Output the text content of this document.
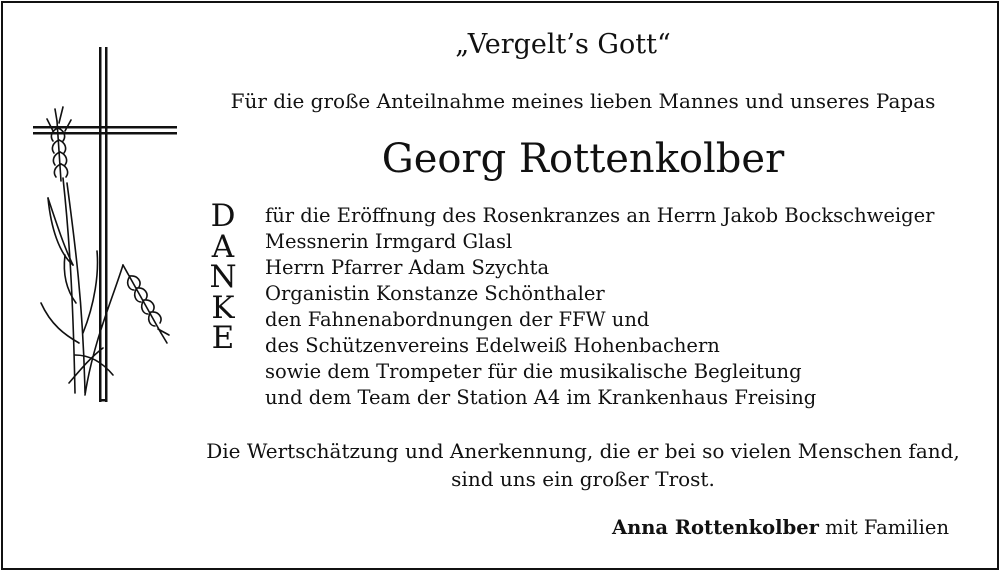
„Vergelt’s Gott“
Für die große Anteilnahme meines lieben Mannes und unseres Papas
Georg Rottenkolber
D
A
N
K
E
für die Eröffnung des Rosenkranzes an Herrn Jakob Bockschweiger
Messnerin Irmgard Glasl
Herrn Pfarrer Adam Szychta
Organistin Konstanze Schönthaler
den Fahnenabordnungen der FFW und
des Schützenvereins Edelweiß Hohenbachern
sowie dem Trompeter für die musikalische Begleitung
und dem Team der Station A4 im Krankenhaus Freising
Die Wertschätzung und Anerkennung, die er bei so vielen Menschen fand,
sind uns ein großer Trost.
Anna Rottenkolber mit Familien
